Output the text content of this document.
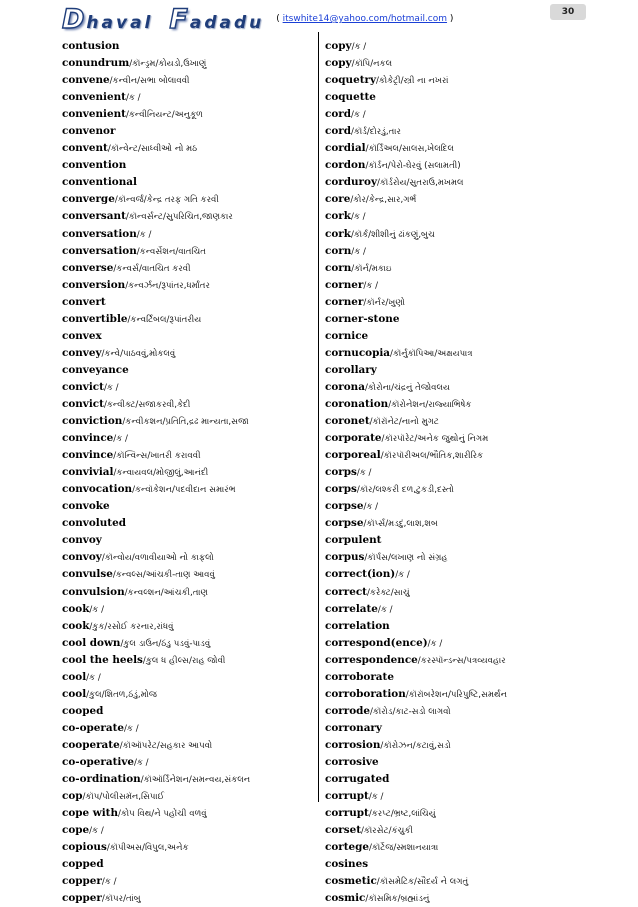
Dhaval Fadadu ( itswhite14@yahoo.com/hotmail.com )
30
contusion
conundrum/કૉન્ડ્રમ/કોયડો,ઉખાણું
convene/કન્વીન/સભા બોલાવવી
convenient/ક /
convenient/કન્વીનિયન્ટ/અનુકૂળ
convenor
convent/કૉન્વેન્ટ/સાધ્વીઓ નો મઠ
convention
conventional
converge/કૉન્વર્જ/કેન્દ્ર તરફ ગતિ કરવી
conversant/કૉન્વર્સન્ટ/સુપરિચિત,જાણકાર
conversation/ક /
conversation/કન્વર્સેશન/વાતચિત
converse/કન્વર્સ/વાતચિત કરવી
conversion/કન્વર્ઝન/રૂપાંતર,ધર્માંતર
convert
convertible/કન્વર્ટિબલ/રૂપાંતરીય
convex
convey/કન્વે/પાઠવવું,મોકલવું
conveyance
convict/ક /
convict/કન્વીક્ટ/સજાકરવી,કેદી
conviction/કન્વીકશન/પ્રતિતિ,દ્રઢ માન્યતા,સજા
convince/ક /
convince/કૉન્વિન્સ/ખાતરી કરાવવી
convivial/કન્વાયવલ/મોજીલું,આનંદી
convocation/કન્વૉકેશન/પદવીદાન સમારંભ
convoke
convoluted
convoy
convoy/કૉન્વોય/વળાવીયાઓ નો કાફલો
convulse/કન્વલ્સ/આંચકી-તાણ આવવું
convulsion/કન્વલ્શન/આંચકી,તાણ
cook/ક /
cook/કુક/રસોઈ કરનાર,રાંધવું
cool down/કુલ ડાઉન/ઠંડુ પડવું-પાડવું
cool the heels/કુલ ધ હીલ્સ/રાહ જોવી
cool/ક /
cool/કુલ/શિતળ,ઠંડું,મોજ
cooped
co-operate/ક /
cooperate/કૉઑપરેટ/સહકાર આપવો
co-operative/ક /
co-ordination/કૉઑર્ડિનેશન/સમન્વય,સંકલન
cop/કૉપ/પોલીસમૅન,સિપાઈ
cope with/કોપ વિથ/ને પહોંચી વળવું
cope/ક /
copious/કૉપીઅસ/વિપુલ,અનેક
copped
copper/ક /
copper/કૉપર/તાંબુ
copy/ક /
copy/કૉપિ/નકલ
coquetry/કોકેટ્રી/સ્ત્રી ના નખરાં
coquette
cord/ક /
cord/કૉર્ડ/દોરડું,તાર
cordial/કૉર્ડિઅલ/સાલસ,ખેલદિલ
cordon/કૉર્ડન/પેરો-ઘેરવું (સલામતી)
corduroy/કૉર્ડરોય/સુતરાઉ,મખમલ
core/કોર/કેન્દ્ર,સાર,ગર્ભ
cork/ક /
cork/કૉર્ક/શીશીનું ઢાંકણું,બુચ
corn/ક /
corn/કૉર્ન/મકાઇ
corner/ક /
corner/કૉર્નર/ખુણો
corner-stone
cornice
cornucopia/કૉર્નુકૉપિઆ/અક્ષયપાત્ર
corollary
corona/કોરોના/ચંદ્રનું તેજોવલય
coronation/કૉરોનેશન/રાજ્યાભિષેક
coronet/કૉરૉનેટ/નાનો મુગટ
corporate/કૉરપૉરેટ/અનેક જુથોનું નિગમ
corporeal/કૉરપૉરીઅલ/ભૌતિક,શારીરિક
corps/ક /
corps/કૉર/લશ્કરી દળ,ટુકડી,દસ્તો
corpse/ક /
corpse/કૉર્પ્સ/મડદું,લાશ,શબ
corpulent
corpus/કૉર્પસ/લખાણ નો સંગ્રહ
correct(ion)/ક /
correct/કરેક્ટ/સાચું
correlate/ક /
correlation
correspond(ence)/ક /
correspondence/કરસ્પૉન્ડન્સ/પત્રવ્યવહાર
corroborate
corroboration/કૉરૉબરેશન/પરિપુષ્ટિ,સમર્થન
corrode/કૉરોડ/કાટ-સડો લાગવો
corronary
corrosion/કૉરોઝન/કટાવું,સડો
corrosive
corrugated
corrupt/ક /
corrupt/કરપ્ટ/ભ્રષ્ટ,લાંચિયું
corset/કૉરસેટ/કંચુકી
cortege/કૉર્ટેજ/સ્મશાનયાત્રા
cosines
cosmetic/કૉસમેટિક/સૌંદર્ય ને લગતું
cosmic/કૉસમિક/બ્રહ્માંડનું
